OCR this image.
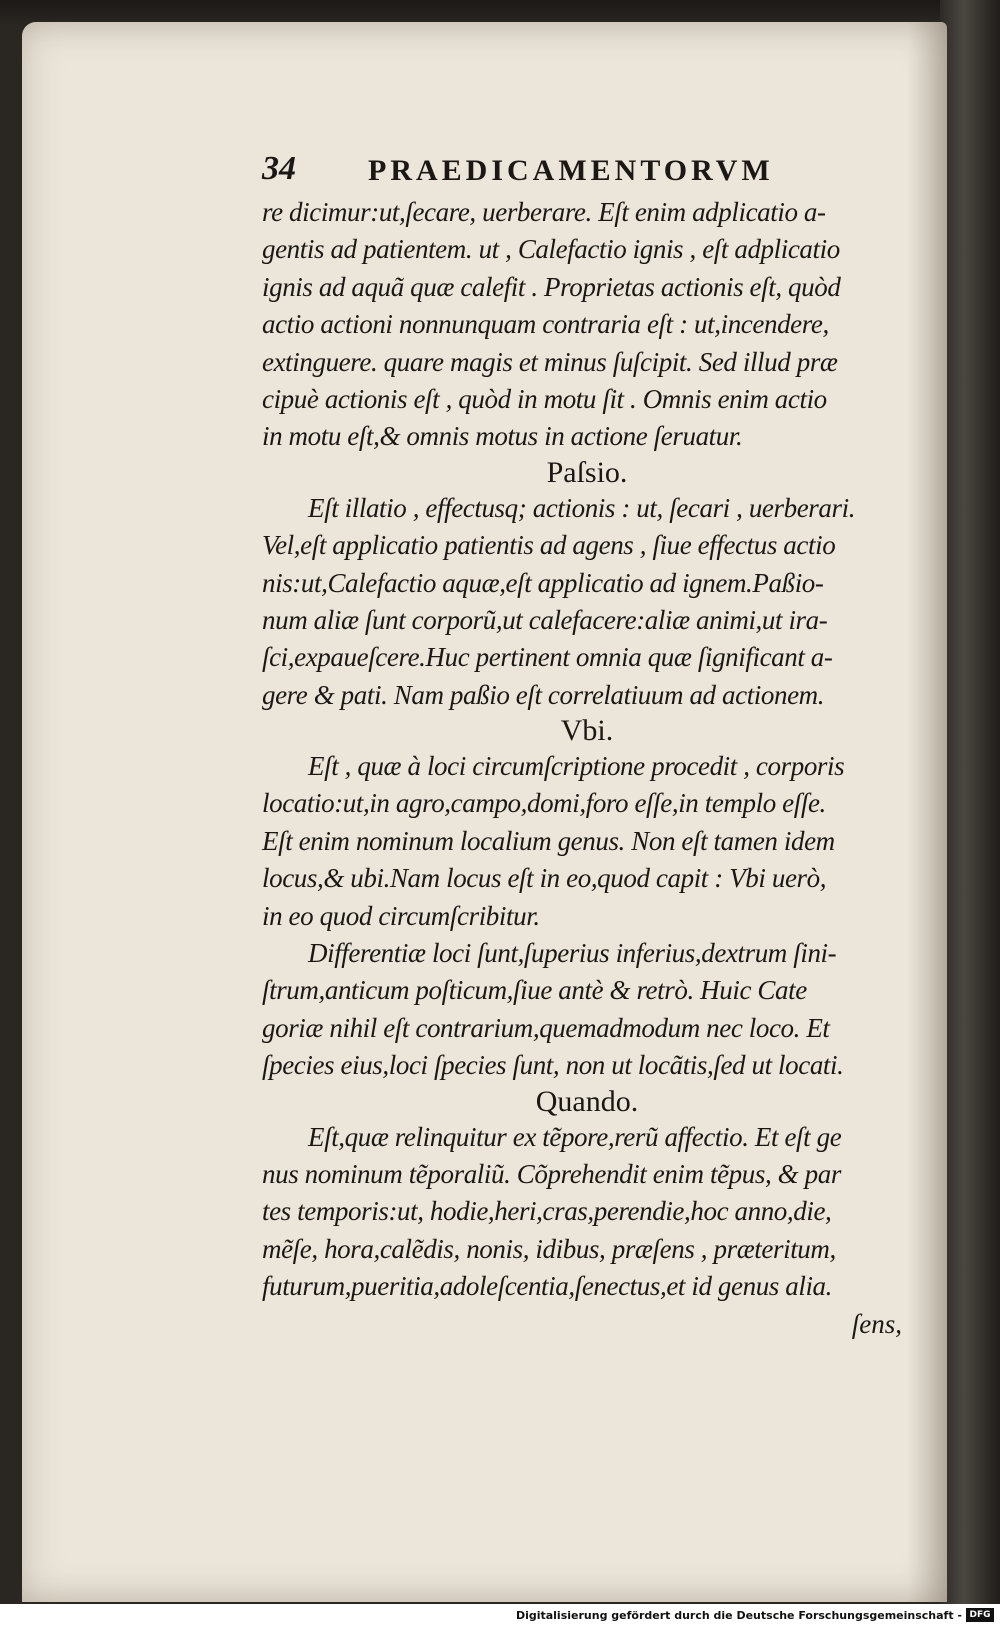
34 PRAEDICAMENTORVM
re dicimur:ut,ſecare, uerberare. Eſt enim adplicatio a-
gentis ad patientem. ut , Calefactio ignis , eſt adplicatio
ignis ad aquã quæ calefit . Proprietas actionis eſt, quòd
actio actioni nonnunquam contraria eſt : ut,incendere,
extinguere. quare magis et minus ſuſcipit. Sed illud præ
cipuè actionis eſt , quòd in motu ſit . Omnis enim actio
in motu eſt,& omnis motus in actione ſeruatur.
Paſsio.
Eſt illatio , effectusq; actionis : ut, ſecari , uerberari.
Vel,eſt applicatio patientis ad agens , ſiue effectus actio
nis:ut,Calefactio aquæ,eſt applicatio ad ignem.Paßio-
num aliæ ſunt corporũ,ut calefacere:aliæ animi,ut ira-
ſci,expaueſcere.Huc pertinent omnia quæ ſignificant a-
gere & pati. Nam paßio eſt correlatiuum ad actionem.
Vbi.
Eſt , quæ à loci circumſcriptione procedit , corporis
locatio:ut,in agro,campo,domi,foro eſſe,in templo eſſe.
Eſt enim nominum localium genus. Non eſt tamen idem
locus,& ubi.Nam locus eſt in eo,quod capit : Vbi uerò,
in eo quod circumſcribitur.
Differentiæ loci ſunt,ſuperius inferius,dextrum ſini-
ſtrum,anticum poſticum,ſiue antè & retrò. Huic Cate
goriæ nihil eſt contrarium,quemadmodum nec loco. Et
ſpecies eius,loci ſpecies ſunt, non ut locãtis,ſed ut locati.
Quando.
Eſt,quæ relinquitur ex tẽpore,rerũ affectio. Et eſt ge
nus nominum tẽporaliũ. Cõprehendit enim tẽpus, & par
tes temporis:ut, hodie,heri,cras,perendie,hoc anno,die,
mẽſe, hora,calẽdis, nonis, idibus, præſens , præteritum,
futurum,pueritia,adoleſcentia,ſenectus,et id genus alia.
ſens,
Digitalisierung gefördert durch die Deutsche Forschungsgemeinschaft - DFG
